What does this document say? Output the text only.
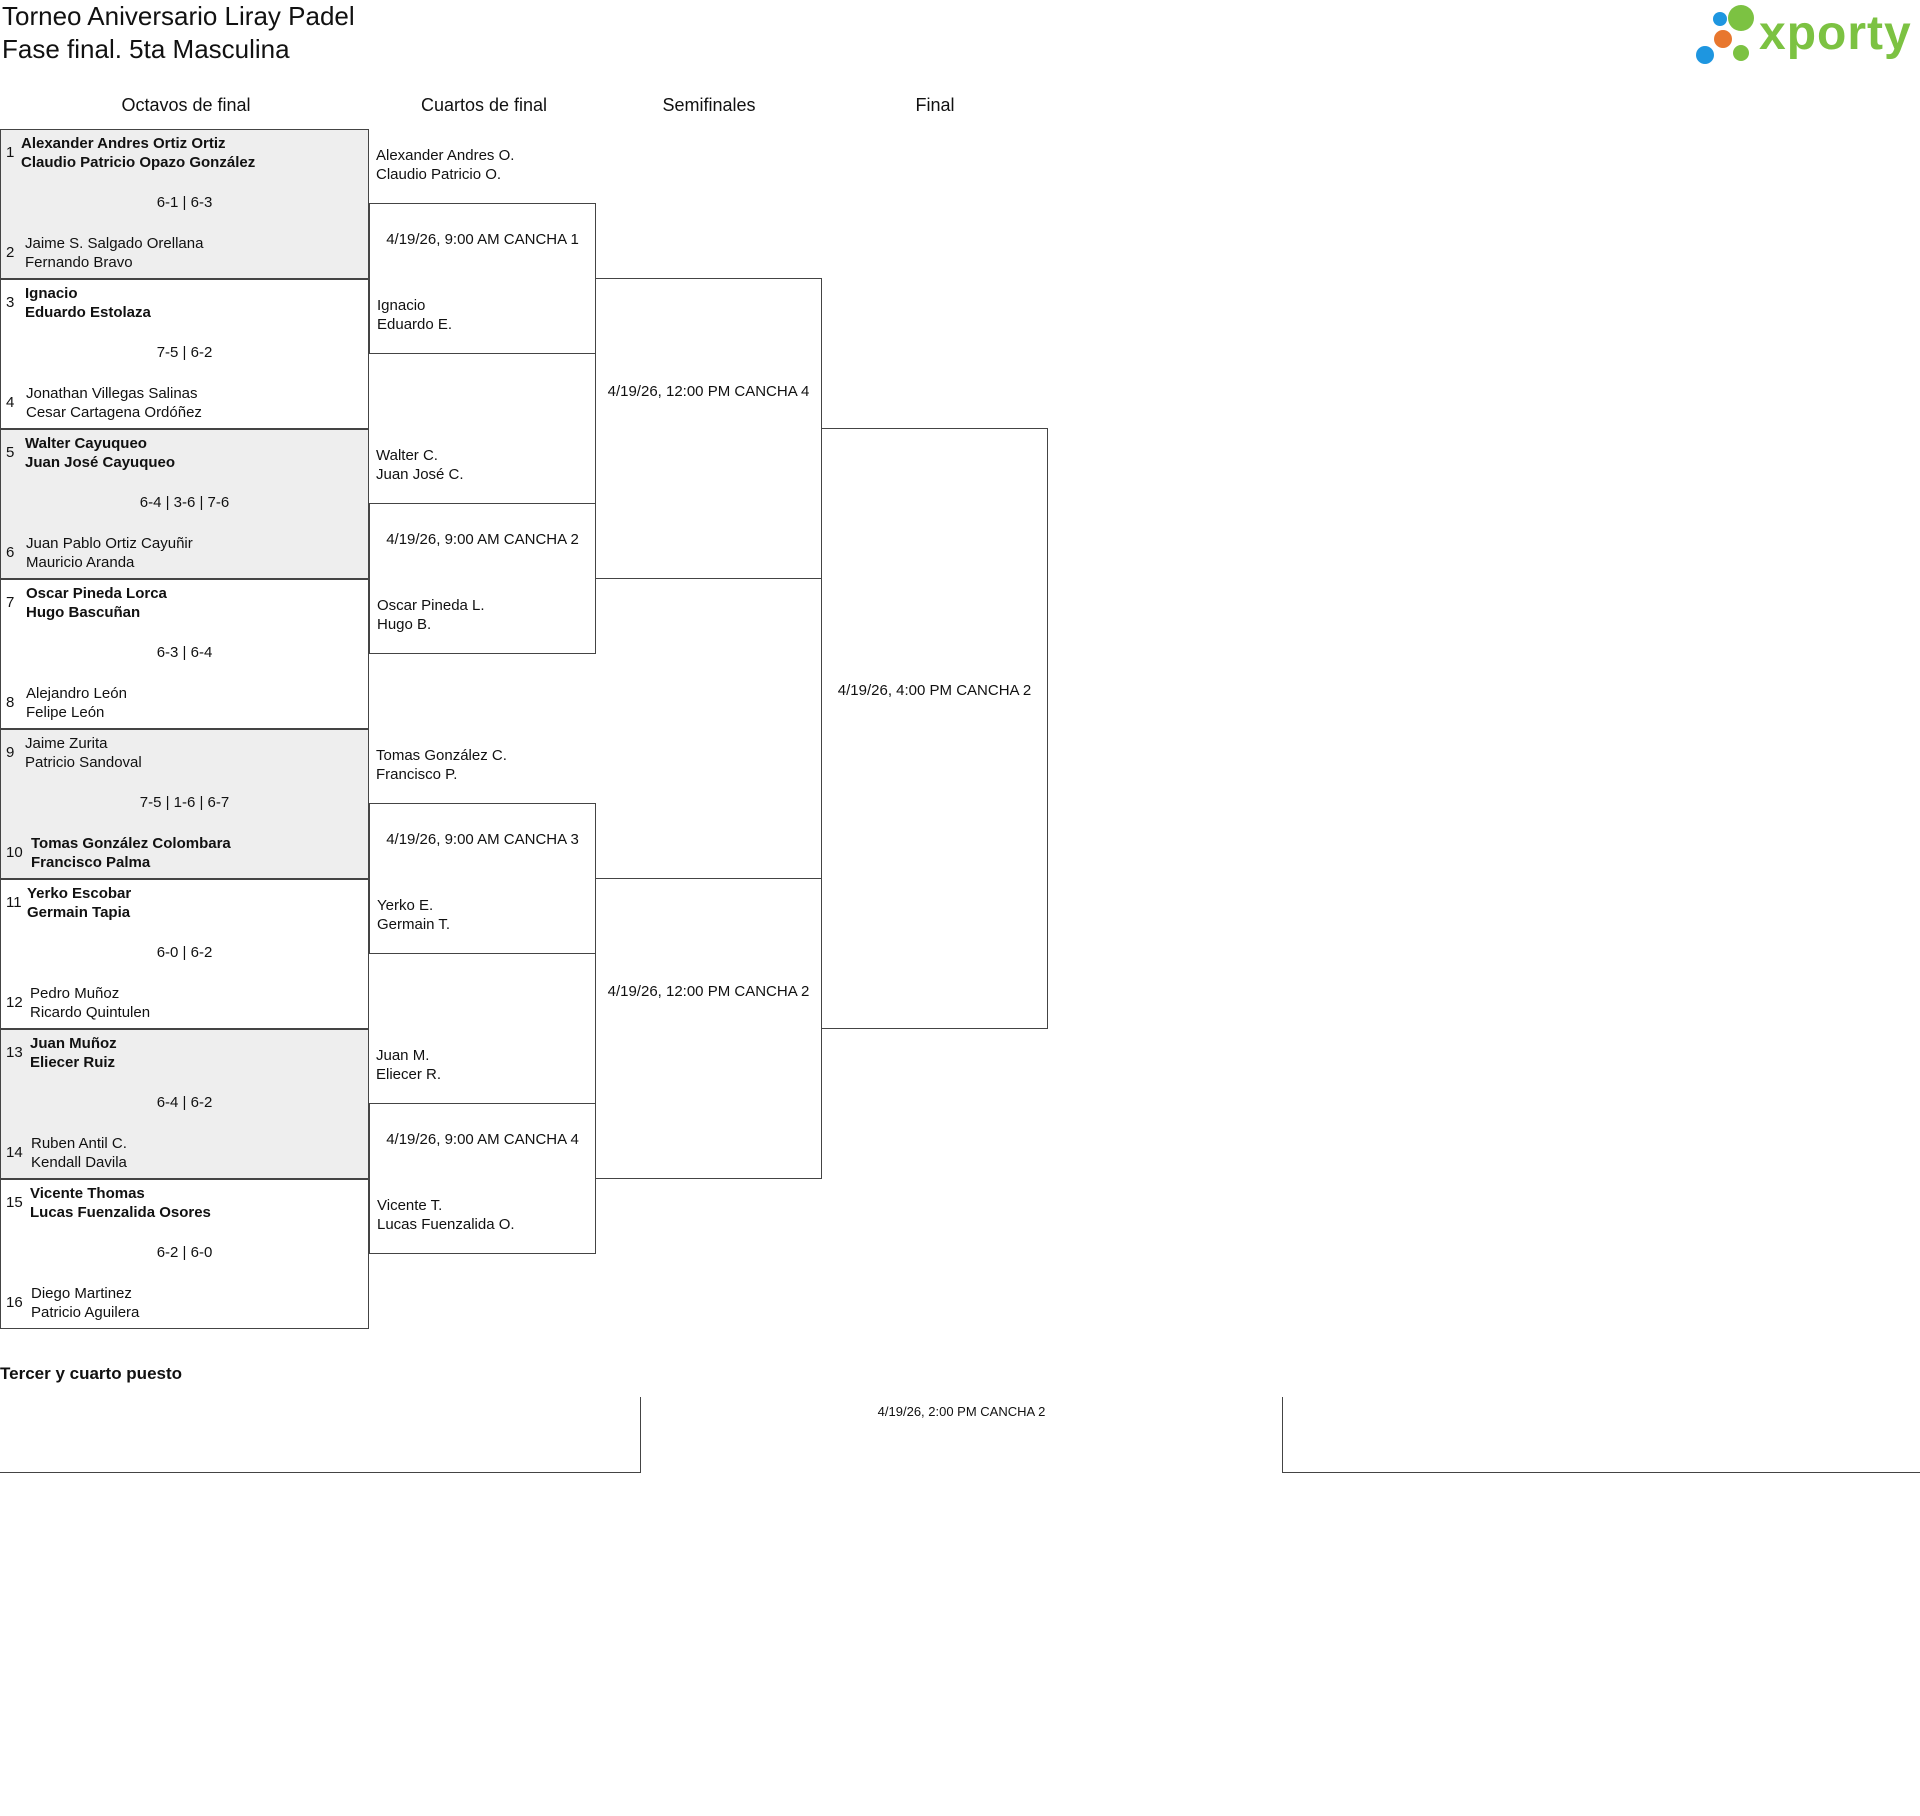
Torneo Aniversario Liray Padel
Fase final. 5ta Masculina	xporty
Octavos de final	Cuartos de final	Semifinales	Final
1
Alexander Andres Ortiz Ortiz
Claudio Patricio Opazo González
6-1 | 6-3
2
Jaime S. Salgado Orellana
Fernando Bravo
3
Ignacio
Eduardo Estolaza
7-5 | 6-2
4
Jonathan Villegas Salinas
Cesar Cartagena Ordóñez
5
Walter Cayuqueo
Juan José Cayuqueo
6-4 | 3-6 | 7-6
6
Juan Pablo Ortiz Cayuñir
Mauricio Aranda
7
Oscar Pineda Lorca
Hugo Bascuñan
6-3 | 6-4
8
Alejandro León
Felipe León
9
Jaime Zurita
Patricio Sandoval
7-5 | 1-6 | 6-7
10
Tomas González Colombara
Francisco Palma
11
Yerko Escobar
Germain Tapia
6-0 | 6-2
12
Pedro Muñoz
Ricardo Quintulen
13
Juan Muñoz
Eliecer Ruiz
6-4 | 6-2
14
Ruben Antil C.
Kendall Davila
15
Vicente Thomas
Lucas Fuenzalida Osores
6-2 | 6-0
16
Diego Martinez
Patricio Aguilera
Alexander Andres O.
Claudio Patricio O.
4/19/26, 9:00 AM CANCHA 1
Ignacio
Eduardo E.
Walter C.
Juan José C.
4/19/26, 9:00 AM CANCHA 2
Oscar Pineda L.
Hugo B.
Tomas González C.
Francisco P.
4/19/26, 9:00 AM CANCHA 3
Yerko E.
Germain T.
Juan M.
Eliecer R.
4/19/26, 9:00 AM CANCHA 4
Vicente T.
Lucas Fuenzalida O.
4/19/26, 12:00 PM CANCHA 4
4/19/26, 12:00 PM CANCHA 2
4/19/26, 4:00 PM CANCHA 2
Tercer y cuarto puesto
4/19/26, 2:00 PM CANCHA 2
